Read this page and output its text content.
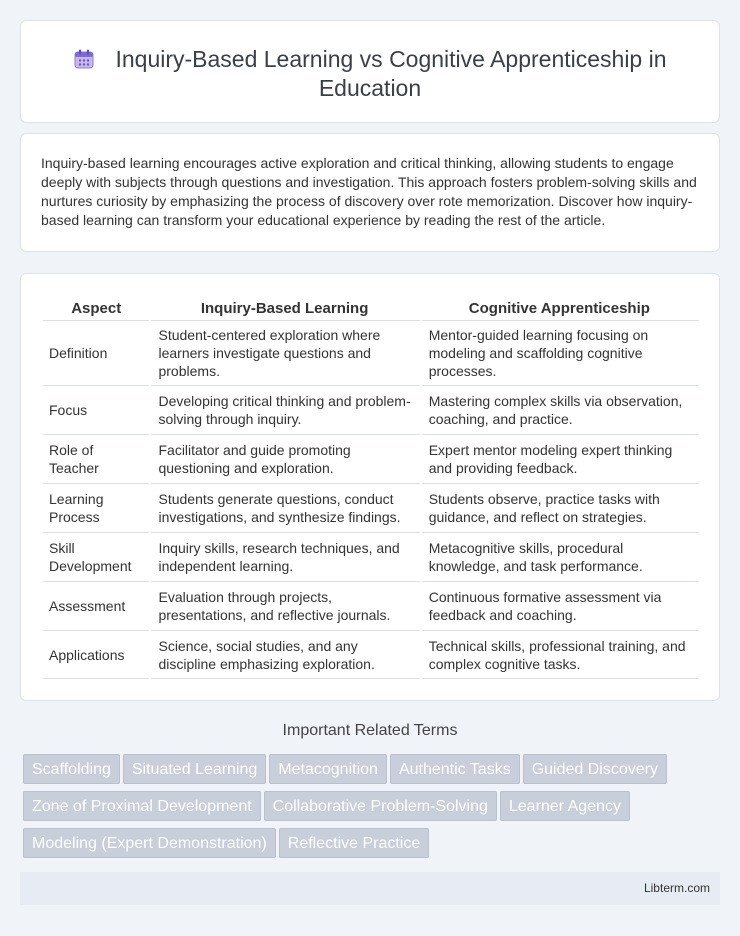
Inquiry-Based Learning vs Cognitive Apprenticeship in Education

Inquiry-based learning encourages active exploration and critical thinking, allowing students to engage deeply with subjects through questions and investigation. This approach fosters problem-solving skills and nurtures curiosity by emphasizing the process of discovery over rote memorization. Discover how inquiry-based learning can transform your educational experience by reading the rest of the article.

Aspect	Inquiry-Based Learning	Cognitive Apprenticeship
Definition	Student-centered exploration where learners investigate questions and problems.	Mentor-guided learning focusing on modeling and scaffolding cognitive processes.
Focus	Developing critical thinking and problem-solving through inquiry.	Mastering complex skills via observation, coaching, and practice.
Role of Teacher	Facilitator and guide promoting questioning and exploration.	Expert mentor modeling expert thinking and providing feedback.
Learning Process	Students generate questions, conduct investigations, and synthesize findings.	Students observe, practice tasks with guidance, and reflect on strategies.
Skill Development	Inquiry skills, research techniques, and independent learning.	Metacognitive skills, procedural knowledge, and task performance.
Assessment	Evaluation through projects, presentations, and reflective journals.	Continuous formative assessment via feedback and coaching.
Applications	Science, social studies, and any discipline emphasizing exploration.	Technical skills, professional training, and complex cognitive tasks.
Important Related Terms
Scaffolding Situated Learning Metacognition Authentic Tasks Guided DiscoveryZone of Proximal Development Collaborative Problem-Solving Learner AgencyModeling (Expert Demonstration) Reflective Practice
Libterm.com
